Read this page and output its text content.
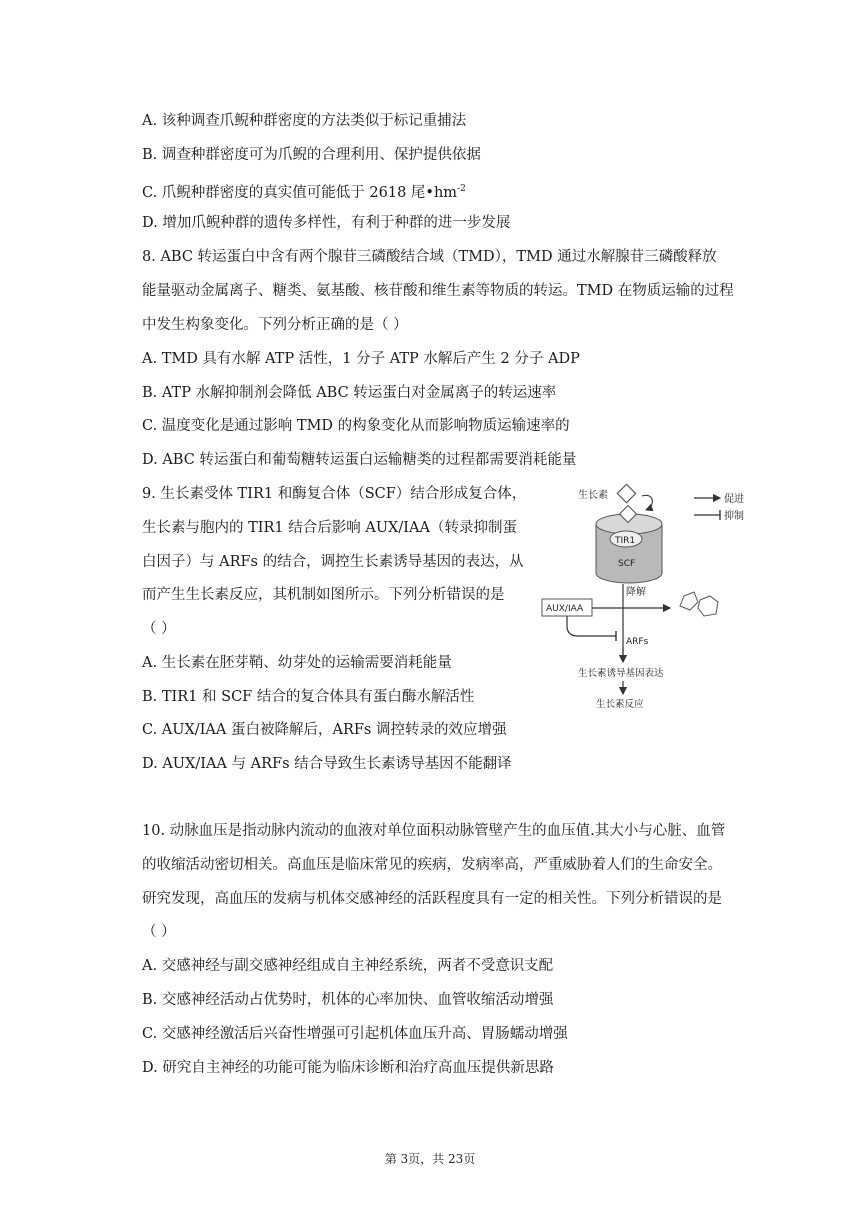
A. 该种调查爪鲵种群密度的方法类似于标记重捕法
B. 调查种群密度可为爪鲵的合理利用、保护提供依据
C. 爪鲵种群密度的真实值可能低于 2618 尾$•hm^{-2}$
D. 增加爪鲵种群的遗传多样性，有利于种群的进一步发展
8. ABC 转运蛋白中含有两个腺苷三磷酸结合域（TMD），TMD 通过水解腺苷三磷酸释放
能量驱动金属离子、糖类、氨基酸、核苷酸和维生素等物质的转运。TMD 在物质运输的过程
中发生构象变化。下列分析正确的是（ ）
A. TMD 具有水解 ATP 活性，1 分子 ATP 水解后产生 2 分子 ADP
B. ATP 水解抑制剂会降低 ABC 转运蛋白对金属离子的转运速率
C. 温度变化是通过影响 TMD 的构象变化从而影响物质运输速率的
D. ABC 转运蛋白和葡萄糖转运蛋白运输糖类的过程都需要消耗能量
9. 生长素受体 TIR1 和酶复合体（SCF）结合形成复合体，
生长素与胞内的 TIR1 结合后影响 AUX/IAA（转录抑制蛋
白因子）与 ARFs 的结合，调控生长素诱导基因的表达，从
而产生生长素反应，其机制如图所示。下列分析错误的是
（ ）
A. 生长素在胚芽鞘、幼芽处的运输需要消耗能量
B. TIR1 和 SCF 结合的复合体具有蛋白酶水解活性
C. AUX/IAA 蛋白被降解后，ARFs 调控转录的效应增强
D. AUX/IAA 与 ARFs 结合导致生长素诱导基因不能翻译
促进
抑制
生长素
TIR1
SCF
降解
AUX/IAA
ARFs
生长素诱导基因表达
生长素反应
10. 动脉血压是指动脉内流动的血液对单位面积动脉管壁产生的血压值.其大小与心脏、血管
的收缩活动密切相关。高血压是临床常见的疾病，发病率高，严重威胁着人们的生命安全。
研究发现，高血压的发病与机体交感神经的活跃程度具有一定的相关性。下列分析错误的是
（ ）
A. 交感神经与副交感神经组成自主神经系统，两者不受意识支配
B. 交感神经活动占优势时，机体的心率加快、血管收缩活动增强
C. 交感神经激活后兴奋性增强可引起机体血压升高、胃肠蠕动增强
D. 研究自主神经的功能可能为临床诊断和治疗高血压提供新思路
第 3页，共 23页
